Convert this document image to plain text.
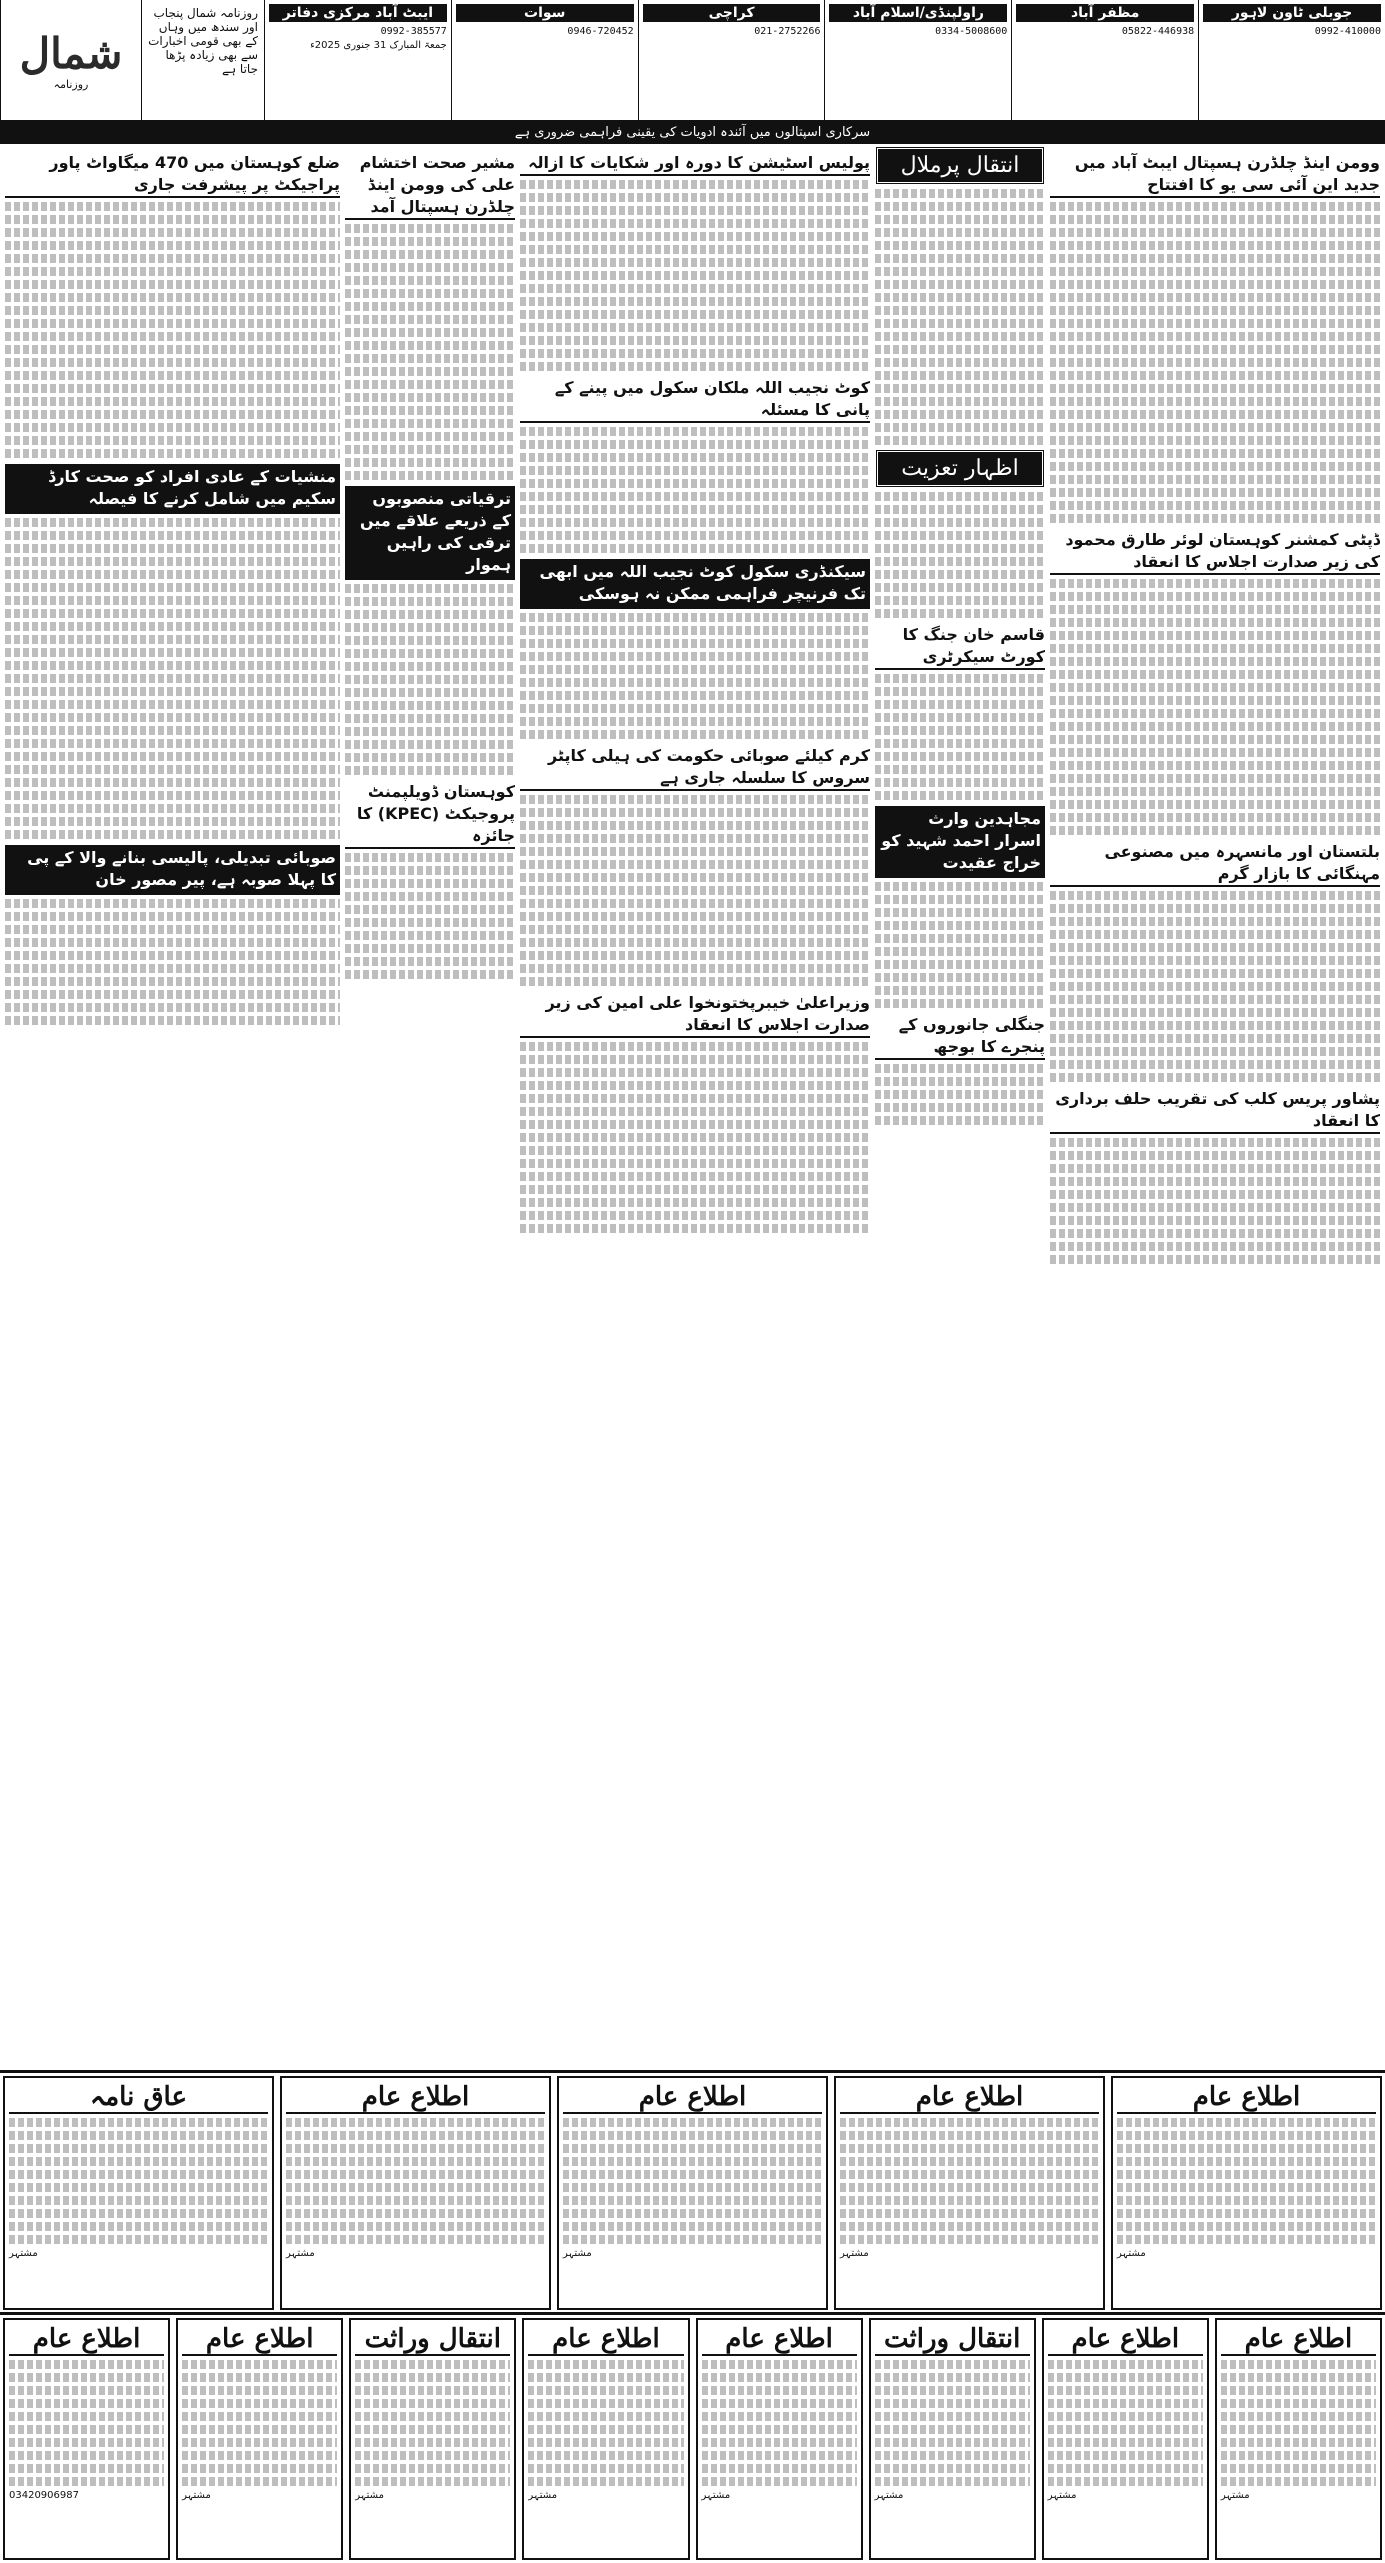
شمال
روزنامہ
روزنامہ شمال پنجاب اور سندھ میں وہاں کے بھی قومی اخبارات سے بھی زیادہ پڑھا جاتا ہے
ایبٹ آباد مرکزی دفاتر
0992-385577
جمعۃ المبارک 31 جنوری 2025ء
سوات
0946-720452
کراچی
021-2752266
راولپنڈی/اسلام آباد
0334-5008600
مظفر آباد
05822-446938
جوبلی ٹاون لاہور
0992-410000
سرکاری اسپتالوں میں آئندہ ادویات کی یقینی فراہمی ضروری ہے
وومن اینڈ چلڈرن ہسپتال ایبٹ آباد میں جدید این آئی سی یو کا افتتاح
ڈپٹی کمشنر کوہستان لوئر طارق محمود کی زیر صدارت اجلاس کا انعقاد
بلتستان اور مانسہرہ میں مصنوعی مہنگائی کا بازار گرم
پشاور پریس کلب کی تقریب حلف برداری کا انعقاد
انتقال پرملال
اظہار تعزیت
قاسم خان جنگ کا کورٹ سیکرٹری
مجاہدین وارث اسرار احمد شہید کو خراج عقیدت
جنگلی جانوروں کے پنجرے کا بوجھ
پولیس اسٹیشن کا دورہ اور شکایات کا ازالہ
کوٹ نجیب اللہ ملکان سکول میں پینے کے پانی کا مسئلہ
سیکنڈری سکول کوٹ نجیب اللہ میں ابھی تک فرنیچر فراہمی ممکن نہ ہوسکی
کرم کیلئے صوبائی حکومت کی ہیلی کاپٹر سروس کا سلسلہ جاری ہے
وزیراعلیٰ خیبرپختونخوا علی امین کی زیر صدارت اجلاس کا انعقاد
مشیر صحت اختشام علی کی وومن اینڈ چلڈرن ہسپتال آمد
ترقیاتی منصوبوں کے ذریعے علاقے میں ترقی کی راہیں ہموار
کوہستان ڈویلپمنٹ پروجیکٹ (KPEC) کا جائزہ
ضلع کوہستان میں 470 میگاواٹ پاور پراجیکٹ پر پیشرفت جاری
منشیات کے عادی افراد کو صحت کارڈ سکیم میں شامل کرنے کا فیصلہ
صوبائی تبدیلی، پالیسی بنانے والا کے پی کا پہلا صوبہ ہے، پیر مصور خان
عاق نامہ
مشتہر
اطلاع عام
مشتہر
اطلاع عام
مشتہر
اطلاع عام
مشتہر
اطلاع عام
مشتہر
اطلاع عام
03420906987
اطلاع عام
مشتہر
انتقال وراثت
مشتہر
اطلاع عام
مشتہر
اطلاع عام
مشتہر
انتقال وراثت
مشتہر
اطلاع عام
مشتہر
اطلاع عام
مشتہر
